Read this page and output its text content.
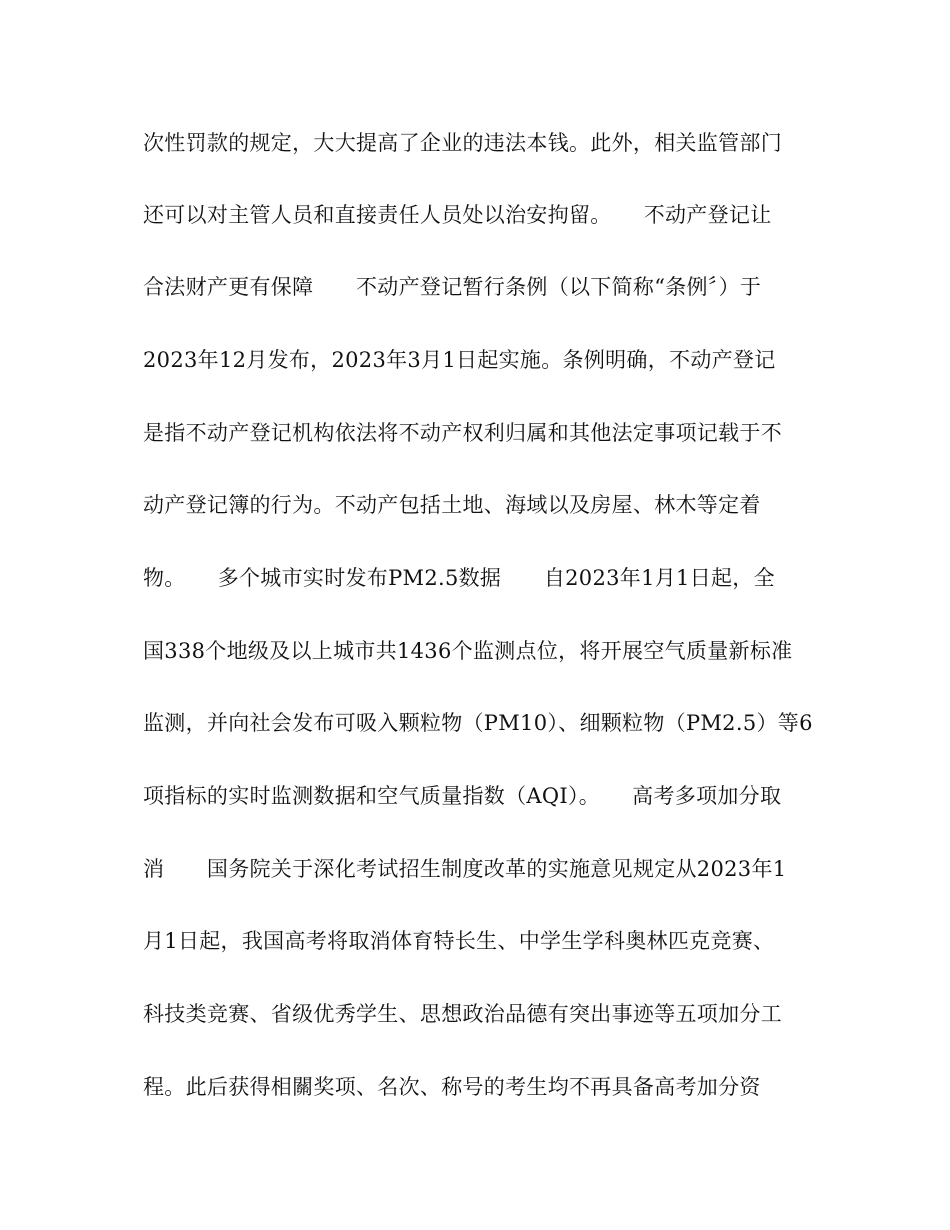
次性罚款的规定，大大提高了企业的违法本钱。此外，相关监管部门
还可以对主管人员和直接责任人员处以治安拘留。　　不动产登记让
合法财产更有保障　　不动产登记暂行条例（以下简称“条例〞）于
2023年12月发布，2023年3月1日起实施。条例明确，不动产登记
是指不动产登记机构依法将不动产权利归属和其他法定事项记载于不
动产登记簿的行为。不动产包括土地、海域以及房屋、林木等定着
物。　　多个城市实时发布PM2.5数据　　自2023年1月1日起，全
国338个地级及以上城市共1436个监测点位，将开展空气质量新标准
监测，并向社会发布可吸入颗粒物（PM10）、细颗粒物（PM2.5）等6
项指标的实时监测数据和空气质量指数（AQI）。　　高考多项加分取
消　　国务院关于深化考试招生制度改革的实施意见规定从2023年1
月1日起，我国高考将取消体育特长生、中学生学科奥林匹克竞赛、
科技类竞赛、省级优秀学生、思想政治品德有突出事迹等五项加分工
程。此后获得相關奖项、名次、称号的考生均不再具备高考加分资
